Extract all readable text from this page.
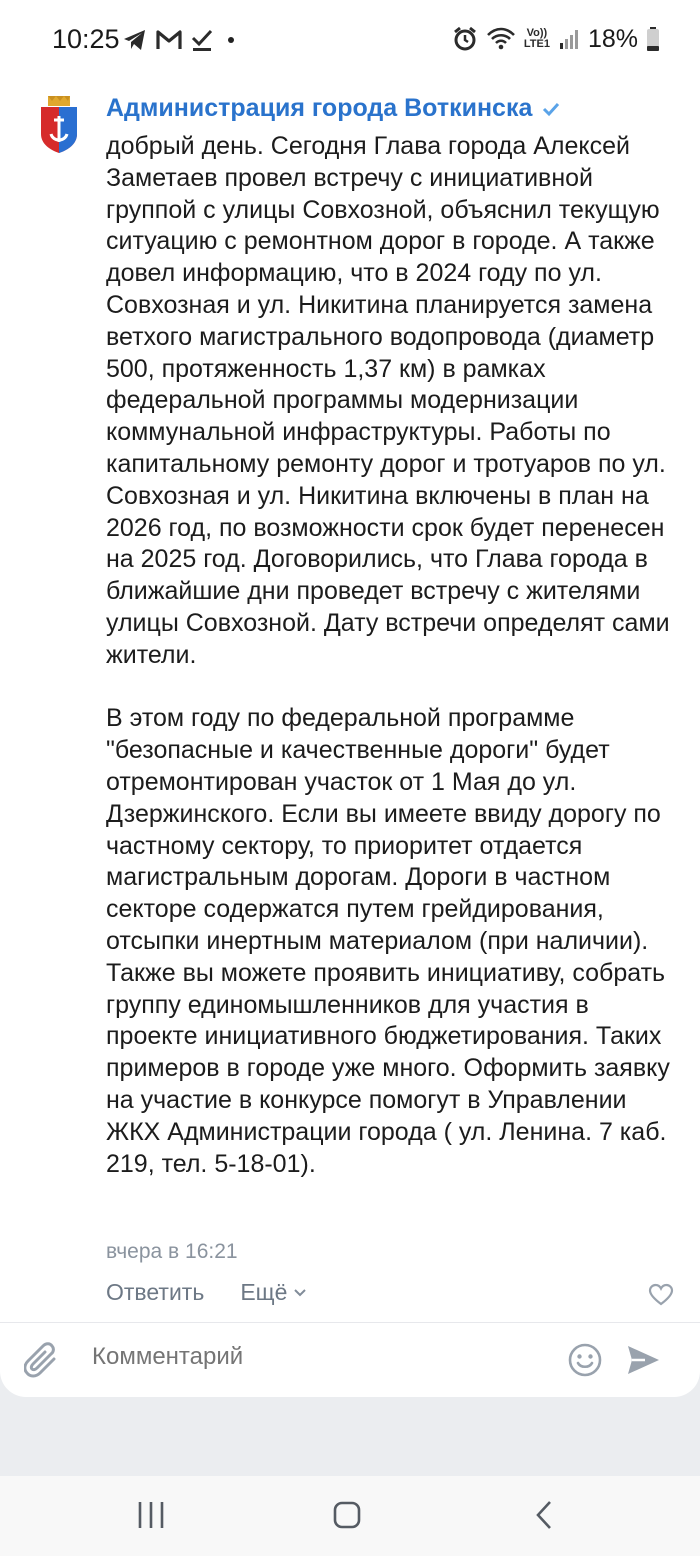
10:25	Vo))
LTE1 18%
Администрация города Воткинска
добрый день. Сегодня Глава города Алексей Заметаев провел встречу с инициативной группой с улицы Совхозной, объяснил текущую ситуацию с ремонтном дорог в городе. А также довел информацию, что в 2024 году по ул. Совхозная и ул. Никитина планируется замена ветхого магистрального водопровода (диаметр 500, протяженность 1,37 км) в рамках федеральной программы модернизации коммунальной инфраструктуры. Работы по капитальному ремонту дорог и тротуаров по ул. Совхозная и ул. Никитина включены в план на 2026 год, по возможности срок будет перенесен на 2025 год. Договорились, что Глава города в ближайшие дни проведет встречу с жителями улицы Совхозной. Дату встречи определят сами жители.

В этом году по федеральной программе "безопасные и качественные дороги" будет отремонтирован участок от 1 Мая до ул. Дзержинского. Если вы имеете ввиду дорогу по частному сектору, то приоритет отдается магистральным дорогам. Дороги в частном секторе содержатся путем грейдирования, отсыпки инертным материалом (при наличии). Также вы можете проявить инициативу, собрать группу единомышленников для участия в проекте инициативного бюджетирования. Таких примеров в городе уже много. Оформить заявку на участие в конкурсе помогут в Управлении ЖКХ Администрации города ( ул. Ленина. 7 каб. 219, тел. 5-18-01).
вчера в 16:21
Ответить Ещё
Комментарий
